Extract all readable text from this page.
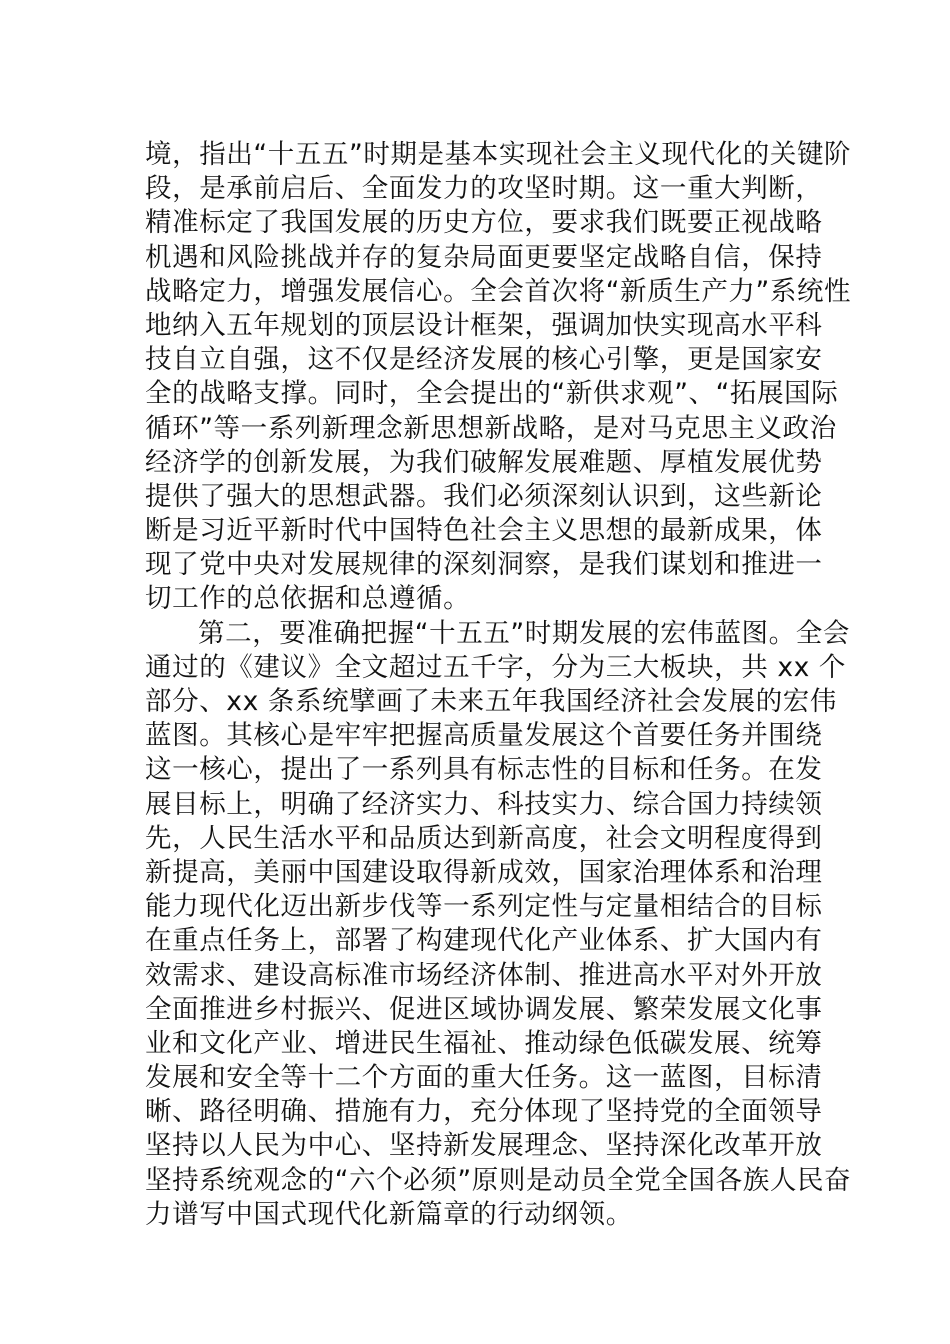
境，指出“十五五”时期是基本实现社会主义现代化的关键阶
段，是承前启后、全面发力的攻坚时期。这一重大判断，
精准标定了我国发展的历史方位，要求我们既要正视战略
机遇和风险挑战并存的复杂局面更要坚定战略自信，保持
战略定力，增强发展信心。全会首次将“新质生产力”系统性
地纳入五年规划的顶层设计框架，强调加快实现高水平科
技自立自强，这不仅是经济发展的核心引擎，更是国家安
全的战略支撑。同时，全会提出的“新供求观”、“拓展国际
循环”等一系列新理念新思想新战略，是对马克思主义政治
经济学的创新发展，为我们破解发展难题、厚植发展优势
提供了强大的思想武器。我们必须深刻认识到，这些新论
断是习近平新时代中国特色社会主义思想的最新成果，体
现了党中央对发展规律的深刻洞察，是我们谋划和推进一
切工作的总依据和总遵循。
第二，要准确把握“十五五”时期发展的宏伟蓝图。全会
通过的《建议》全文超过五千字，分为三大板块，共 xx 个
部分、xx 条系统擘画了未来五年我国经济社会发展的宏伟
蓝图。其核心是牢牢把握高质量发展这个首要任务并围绕
这一核心，提出了一系列具有标志性的目标和任务。在发
展目标上，明确了经济实力、科技实力、综合国力持续领
先，人民生活水平和品质达到新高度，社会文明程度得到
新提高，美丽中国建设取得新成效，国家治理体系和治理
能力现代化迈出新步伐等一系列定性与定量相结合的目标
在重点任务上，部署了构建现代化产业体系、扩大国内有
效需求、建设高标准市场经济体制、推进高水平对外开放
全面推进乡村振兴、促进区域协调发展、繁荣发展文化事
业和文化产业、增进民生福祉、推动绿色低碳发展、统筹
发展和安全等十二个方面的重大任务。这一蓝图，目标清
晰、路径明确、措施有力，充分体现了坚持党的全面领导
坚持以人民为中心、坚持新发展理念、坚持深化改革开放
坚持系统观念的“六个必须”原则是动员全党全国各族人民奋
力谱写中国式现代化新篇章的行动纲领。
